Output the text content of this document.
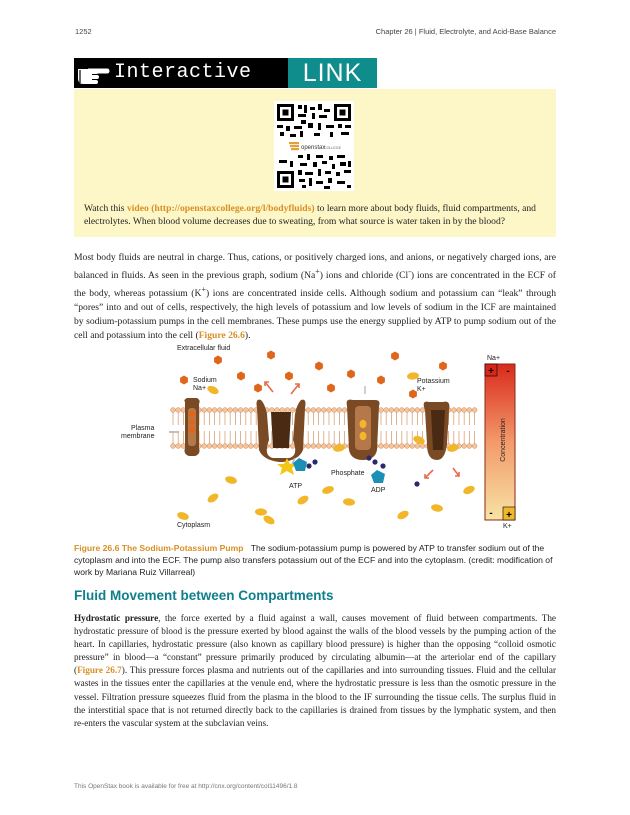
1252	Chapter 26 | Fluid, Electrolyte, and Acid-Base Balance
Interactive	LINK
openstax
COLLEGE
Watch this video (http://openstaxcollege.org/l/bodyfluids) to learn more about body fluids, fluid compartments, and electrolytes. When blood volume decreases due to sweating, from what source is water taken in by the blood?
Most body fluids are neutral in charge. Thus, cations, or positively charged ions, and anions, or negatively charged ions, are balanced in fluids. As seen in the previous graph, sodium (Na+) ions and chloride (Cl-) ions are concentrated in the ECF of the body, whereas potassium (K+) ions are concentrated inside cells. Although sodium and potassium can “leak” through “pores” into and out of cells, respectively, the high levels of potassium and low levels of sodium in the ICF are maintained by sodium-potassium pumps in the cell membranes. These pumps use the energy supplied by ATP to pump sodium out of the cell and potassium into the cell (Figure 26.6).
+ -
- +
Concentration
Na+
K+
Extracellular fluid
Sodium
Na+
Potassium
K+
Plasma
membrane
Phosphate
ATP
ADP
Cytoplasm
Figure 26.6 The Sodium-Potassium Pump The sodium-potassium pump is powered by ATP to transfer sodium out of the cytoplasm and into the ECF. The pump also transfers potassium out of the ECF and into the cytoplasm. (credit: modification of work by Mariana Ruiz Villarreal)
Fluid Movement between Compartments
Hydrostatic pressure, the force exerted by a fluid against a wall, causes movement of fluid between compartments. The hydrostatic pressure of blood is the pressure exerted by blood against the walls of the blood vessels by the pumping action of the heart. In capillaries, hydrostatic pressure (also known as capillary blood pressure) is higher than the opposing “colloid osmotic pressure” in blood—a “constant” pressure primarily produced by circulating albumin—at the arteriolar end of the capillary (Figure 26.7). This pressure forces plasma and nutrients out of the capillaries and into surrounding tissues. Fluid and the cellular wastes in the tissues enter the capillaries at the venule end, where the hydrostatic pressure is less than the osmotic pressure in the vessel. Filtration pressure squeezes fluid from the plasma in the blood to the IF surrounding the tissue cells. The surplus fluid in the interstitial space that is not returned directly back to the capillaries is drained from tissues by the lymphatic system, and then re-enters the vascular system at the subclavian veins.
This OpenStax book is available for free at http://cnx.org/content/col11496/1.8
